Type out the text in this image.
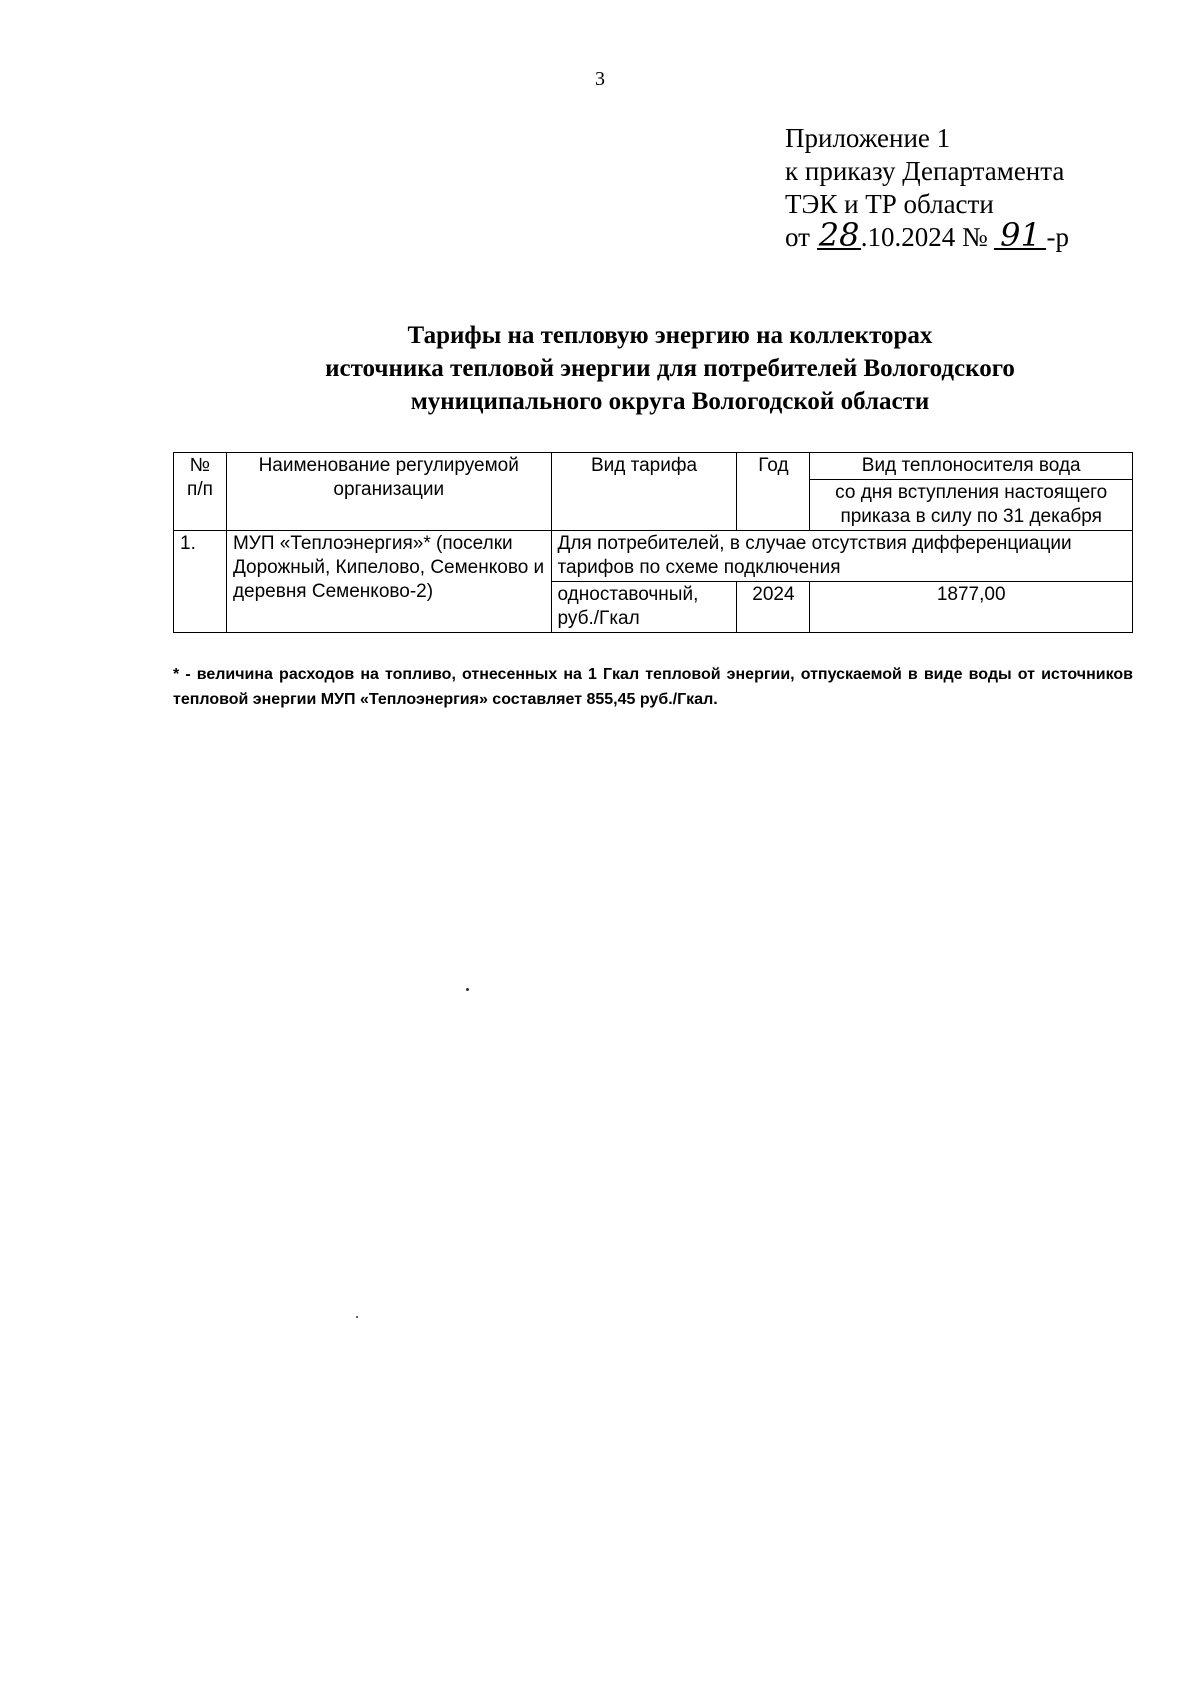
3
Приложение 1
к приказу Департамента
ТЭК и ТР области
от 28.10.2024 № 91 -р
Тарифы на тепловую энергию на коллекторах
источника тепловой энергии для потребителей Вологодского
муниципального округа Вологодской области
№ п/п	Наименование регулируемой организации	Вид тарифа	Год	Вид теплоносителя вода
				со дня вступления настоящего приказа в силу по 31 декабря
1.	МУП «Теплоэнергия»* (поселки Дорожный, Кипелово, Семенково и деревня Семенково-2)	Для потребителей, в случае отсутствия дифференциации тарифов по схеме подключения		
		одноставочный, руб./Гкал	2024	1877,00
* - величина расходов на топливо, отнесенных на 1 Гкал тепловой энергии, отпускаемой в виде воды от источников тепловой энергии МУП «Теплоэнергия» составляет 855,45 руб./Гкал.
